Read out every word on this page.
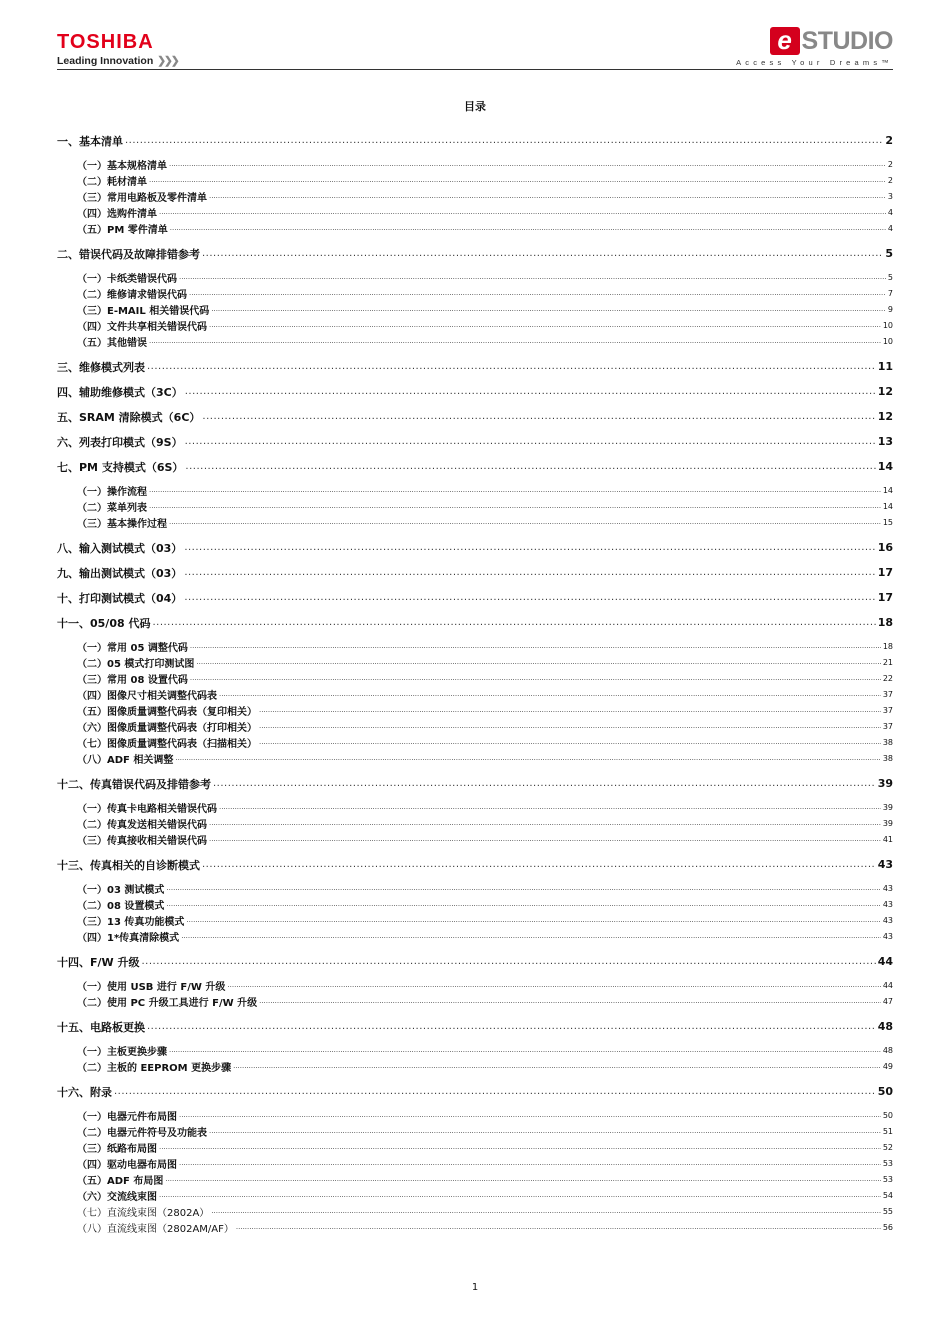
TOSHIBA
Leading Innovation ❯❯❯
e STUDIO
Access Your Dreams™
目录
一、基本清单 .....	2
（一）基本规格清单 .....	2
（二）耗材清单 .....	2
（三）常用电路板及零件清单 .....	3
（四）选购件清单 .....	4
（五）PM 零件清单 .....	4
二、错误代码及故障排错参考 .....	5
（一）卡纸类错误代码 .....	5
（二）维修请求错误代码 .....	7
（三）E-MAIL 相关错误代码 .....	9
（四）文件共享相关错误代码 .....	10
（五）其他错误 .....	10
三、维修模式列表 .....	11
四、辅助维修模式（3C） .....	12
五、SRAM 清除模式（6C） .....	12
六、列表打印模式（9S） .....	13
七、PM 支持模式（6S） .....	14
（一）操作流程 .....	14
（二）菜单列表 .....	14
（三）基本操作过程 .....	15
八、输入测试模式（03） .....	16
九、输出测试模式（03） .....	17
十、打印测试模式（04） .....	17
十一、05/08 代码 .....	18
（一）常用 05 调整代码 .....	18
（二）05 模式打印测试图 .....	21
（三）常用 08 设置代码 .....	22
（四）图像尺寸相关调整代码表 .....	37
（五）图像质量调整代码表（复印相关） .....	37
（六）图像质量调整代码表（打印相关） .....	37
（七）图像质量调整代码表（扫描相关） .....	38
（八）ADF 相关调整 .....	38
十二、传真错误代码及排错参考 .....	39
（一）传真卡电路相关错误代码 .....	39
（二）传真发送相关错误代码 .....	39
（三）传真接收相关错误代码 .....	41
十三、传真相关的自诊断模式 .....	43
（一）03 测试模式 .....	43
（二）08 设置模式 .....	43
（三）13 传真功能模式 .....	43
（四）1*传真清除模式 .....	43
十四、F/W 升级 .....	44
（一）使用 USB 进行 F/W 升级 .....	44
（二）使用 PC 升级工具进行 F/W 升级 .....	47
十五、电路板更换 .....	48
（一）主板更换步骤 .....	48
（二）主板的 EEPROM 更换步骤 .....	49
十六、附录 .....	50
（一）电器元件布局图 .....	50
（二）电器元件符号及功能表 .....	51
（三）纸路布局图 .....	52
（四）驱动电器布局图 .....	53
（五）ADF 布局图 .....	53
（六）交流线束图 .....	54
（七）直流线束图（2802A） .....	55
（八）直流线束图（2802AM/AF） .....	56
1
